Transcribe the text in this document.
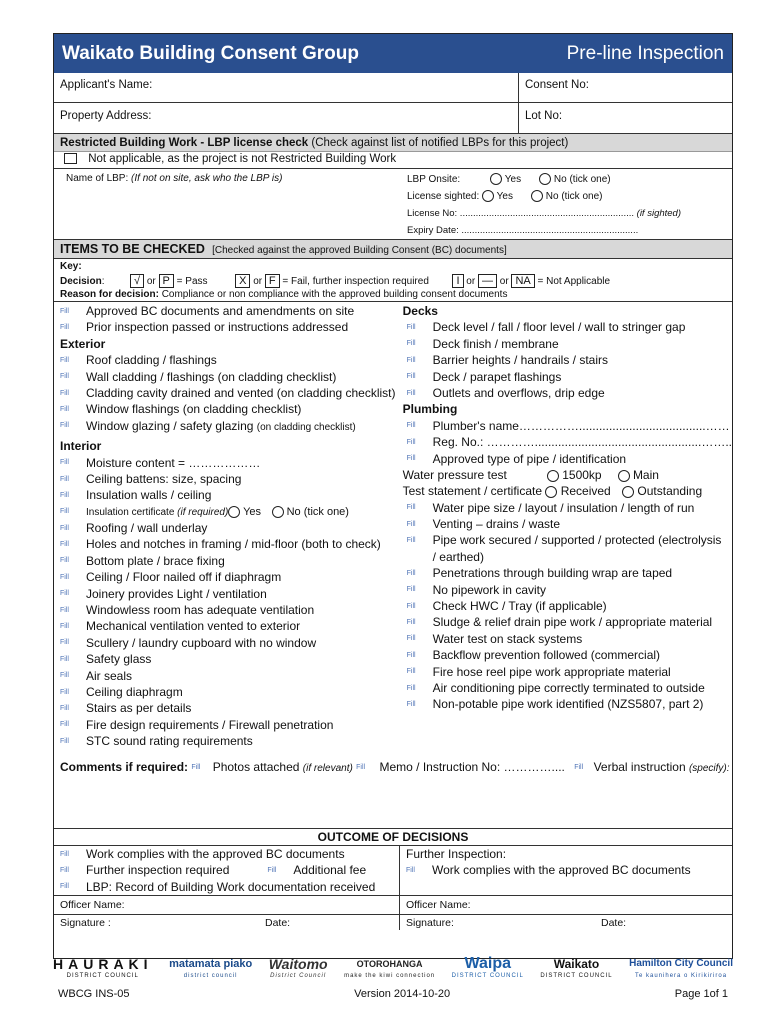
Waikato Building Consent Group	Pre-line Inspection
Applicant's Name:	Consent No:
Property Address:	Lot No:
Restricted Building Work - LBP license check (Check against list of notified LBPs for this project)
Not applicable, as the project is not Restricted Building Work
Name of LBP: (If not on site, ask who the LBP is)	LBP Onsite:	Yes	No (tick one)
License sighted: Yes	No (tick one)
License No: .................................................................. (if sighted)
Expiry Date: ...................................................................
ITEMS TO BE CHECKED [Checked against the approved Building Consent (BC) documents]
Key:
Decision:  √ or P = Pass	X or F = Fail, further inspection required	I or — or NA = Not Applicable
Reason for decision: Compliance or non compliance with the approved building consent documents
Fill Approved BC documents and amendments on site
Fill Prior inspection passed or instructions addressed
Exterior
Fill Roof cladding / flashings
Fill Wall cladding / flashings (on cladding checklist)
Fill Cladding cavity drained and vented (on cladding checklist)
Fill Window flashings (on cladding checklist)
Fill Window glazing / safety glazing (on cladding checklist)
Interior
Fill Moisture content = ………………
Fill Ceiling battens: size, spacing
Fill Insulation walls / ceiling
Fill Insulation certificate (if required) Yes No (tick one)
Fill Roofing / wall underlay
Fill Holes and notches in framing / mid-floor (both to check)
Fill Bottom plate / brace fixing
Fill Ceiling / Floor nailed off if diaphragm
Fill Joinery provides Light / ventilation
Fill Windowless room has adequate ventilation
Fill Mechanical ventilation vented to exterior
Fill Scullery / laundry cupboard with no window
Fill Safety glass
Fill Air seals
Fill Ceiling diaphragm
Fill Stairs as per details
Fill Fire design requirements / Firewall penetration
Fill STC sound rating requirements
Decks
Fill Deck level / fall / floor level / wall to stringer gap
Fill Deck finish / membrane
Fill Barrier heights / handrails / stairs
Fill Deck / parapet flashings
Fill Outlets and overflows, drip edge
Plumbing
Fill Plumber's name……………......................................……
Fill Reg. No.: …………..................................................……..
Fill Approved type of pipe / identification
Water pressure test	1500kp	Main
Test statement / certificate Received Outstanding
Fill Water pipe size / layout / insulation / length of run
Fill Venting – drains / waste
Fill Pipe work secured / supported / protected (electrolysis
/ earthed)
Fill Penetrations through building wrap are taped
Fill No pipework in cavity
Fill Check HWC / Tray (if applicable)
Fill Sludge & relief drain pipe work / appropriate material
Fill Water test on stack systems
Fill Backflow prevention followed (commercial)
Fill Fire hose reel pipe work appropriate material
Fill Air conditioning pipe correctly terminated to outside
Fill Non-potable pipe work identified (NZS5807, part 2)
Comments if required: Fill Photos attached (if relevant) Fill Memo / Instruction No: ………….... Fill Verbal instruction (specify):
OUTCOME OF DECISIONS
Fill Work complies with the approved BC documents
Fill Further inspection required	Fill Additional fee
Fill LBP: Record of Building Work documentation received
Officer Name:
Signature :	Date:
Further Inspection:
Fill Work complies with the approved BC documents
Officer Name:
Signature:	Date:
HAURAKI
DISTRICT COUNCIL
matamata piako
district council
Waitomo
District Council
OTOROHANGA
make the kiwi connection
Waipa
DISTRICT COUNCIL
Waikato
DISTRICT COUNCIL
Hamilton City Council
Te kaunihera o Kirikiriroa
WBCG INS-05	Version 2014-10-20	Page 1of 1
